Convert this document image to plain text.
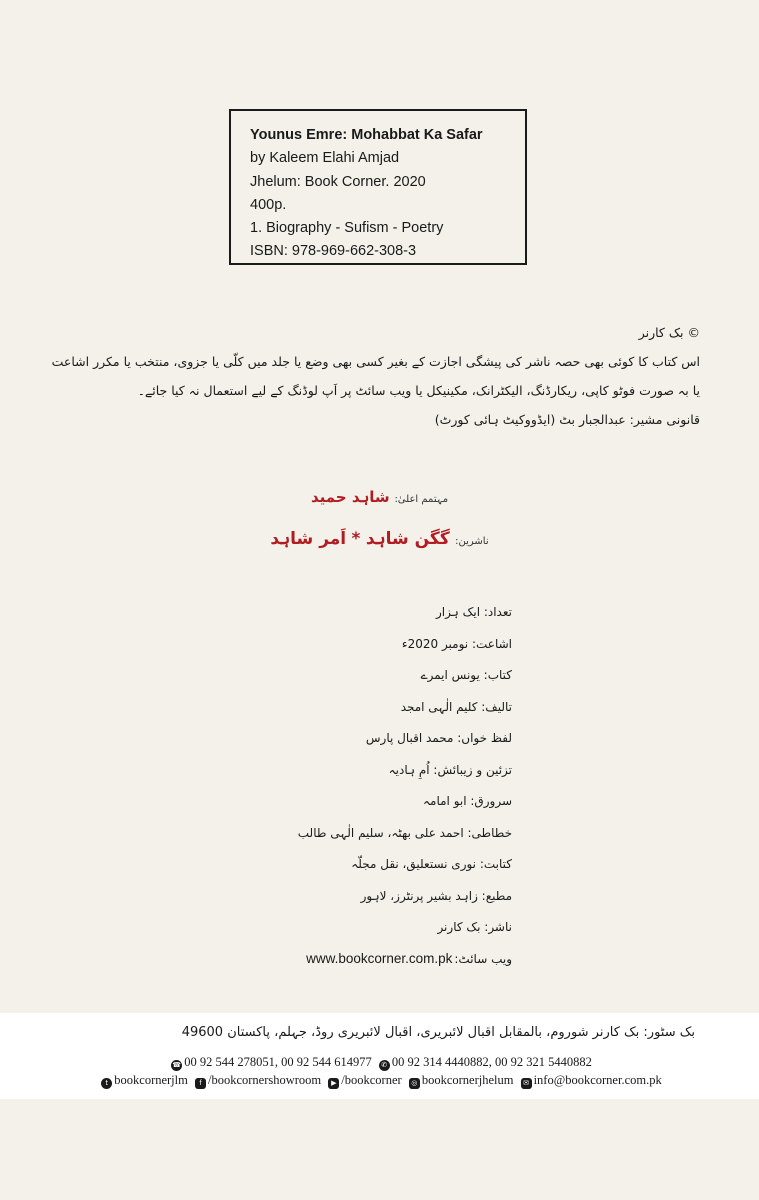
Younus Emre: Mohabbat Ka Safar
by Kaleem Elahi Amjad
Jhelum: Book Corner. 2020
400p.
1. Biography - Sufism - Poetry
ISBN: 978-969-662-308-3
© بک کارنر
اس کتاب کا کوئی بھی حصہ ناشر کی پیشگی اجازت کے بغیر کسی بھی وضع یا جلد میں کلّی یا جزوی، منتخب یا مکرر اشاعت
یا بہ صورت فوٹو کاپی، ریکارڈنگ، الیکٹرانک، مکینیکل یا ویب سائٹ پر اَپ لوڈنگ کے لیے استعمال نہ کیا جائے۔
قانونی مشیر: عبدالجبار بٹ (ایڈووکیٹ ہائی کورٹ)
مہتمم اعلیٰ: شاہد حمید
ناشرین: گگن شاہد * اَمر شاہد
تعداد: ایک ہزار
اشاعت: نومبر 2020ء
کتاب: یونس ایمرے
تالیف: کلیم الٰہی امجد
لفظ خواں: محمد اقبال پارس
تزئین و زیبائش: اُمِ ہادیہ
سرورق: ابو امامہ
خطاطی: احمد علی بھٹہ، سلیم الٰہی طالب
کتابت: نوری نستعلیق، نقل مجلّہ
مطبع: زاہد بشیر پرنٹرز، لاہور
ناشر: بک کارنر
www.bookcorner.com.pk ویب سائٹ:
بک سٹور: بک کارنر شوروم، بالمقابل اقبال لائبریری، اقبال لائبریری روڈ، جہلم، پاکستان 49600
☎ 00 92 544 278051, 00 92 544 614977 ✆ 00 92 314 4440882, 00 92 321 5440882
t bookcornerjlm f /bookcornershowroom ▶ /bookcorner ◎ bookcornerjhelum ✉ info@bookcorner.com.pk
